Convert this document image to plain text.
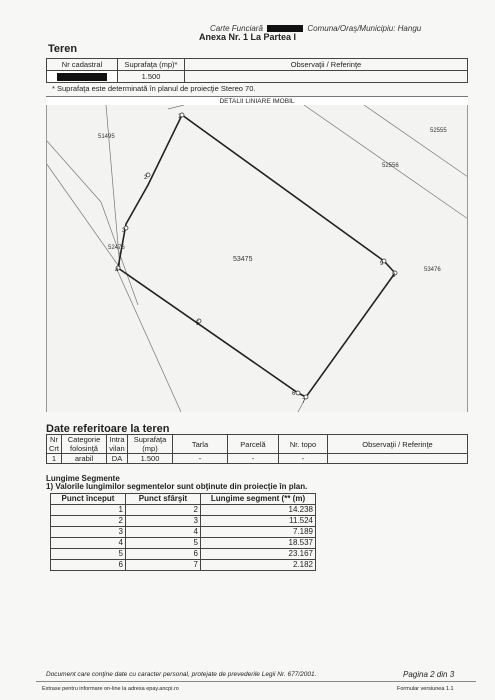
Carte Funciară	Comuna/Oraş/Municipiu: Hangu
Anexa Nr. 1 La Partea I
Teren
Nr cadastral	Suprafaţa (mp)*	Observaţii / Referinţe
	1.500	
* Suprafaţa este determinată în planul de proiecţie Stereo 70.
DETALII LINIARE IMOBIL
1
2
3
4
5
6
7
8
9
51495
52555
52556
52476
53475
53476
Date referitoare la teren
Nr Crt	Categorie folosinţă	Intra vilan	Suprafaţa (mp)	Tarla	Parcelă	Nr. topo	Observaţii / Referinţe
1	arabil	DA	1.500	-	-	-	
Lungime Segmente
1) Valorile lungimilor segmentelor sunt obţinute din proiecţie în plan.
Punct început	Punct sfârşit	Lungime segment (** (m)
1	2	14.238
2	3	11.524
3	4	7.189
4	5	18.537
5	6	23.167
6	7	2.182
Document care conţine date cu caracter personal, protejate de prevederile Legii Nr. 677/2001.	Pagina 2 din 3
Extrase pentru informare on-line la adresa epay.ancpi.ro	Formular versiunea 1.1
